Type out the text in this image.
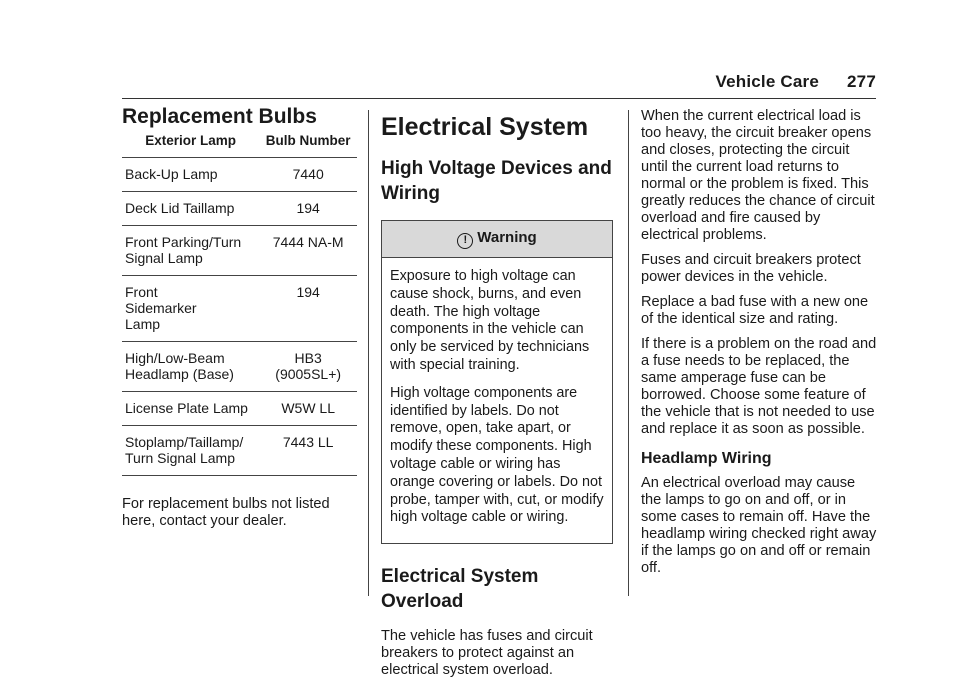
Vehicle Care 277
Replacement Bulbs
Exterior Lamp	Bulb Number
Back-Up Lamp	7440
Deck Lid Taillamp	194
Front Parking/Turn Signal Lamp	7444 NA-M
Front Sidemarker Lamp	194
High/Low-Beam Headlamp (Base)	HB3 (9005SL+)
License Plate Lamp	W5W LL
Stoplamp/Taillamp/ Turn Signal Lamp	7443 LL

For replacement bulbs not listed here, contact your dealer.

Electrical System
High Voltage Devices and Wiring
! Warning

Exposure to high voltage can cause shock, burns, and even death. The high voltage components in the vehicle can only be serviced by technicians with special training.

High voltage components are identified by labels. Do not remove, open, take apart, or modify these components. High voltage cable or wiring has orange covering or labels. Do not probe, tamper with, cut, or modify high voltage cable or wiring.

Electrical System Overload

The vehicle has fuses and circuit breakers to protect against an electrical system overload.

When the current electrical load is too heavy, the circuit breaker opens and closes, protecting the circuit until the current load returns to normal or the problem is fixed. This greatly reduces the chance of circuit overload and fire caused by electrical problems.

Fuses and circuit breakers protect power devices in the vehicle.

Replace a bad fuse with a new one of the identical size and rating.

If there is a problem on the road and a fuse needs to be replaced, the same amperage fuse can be borrowed. Choose some feature of the vehicle that is not needed to use and replace it as soon as possible.

Headlamp Wiring

An electrical overload may cause the lamps to go on and off, or in some cases to remain off. Have the headlamp wiring checked right away if the lamps go on and off or remain off.
